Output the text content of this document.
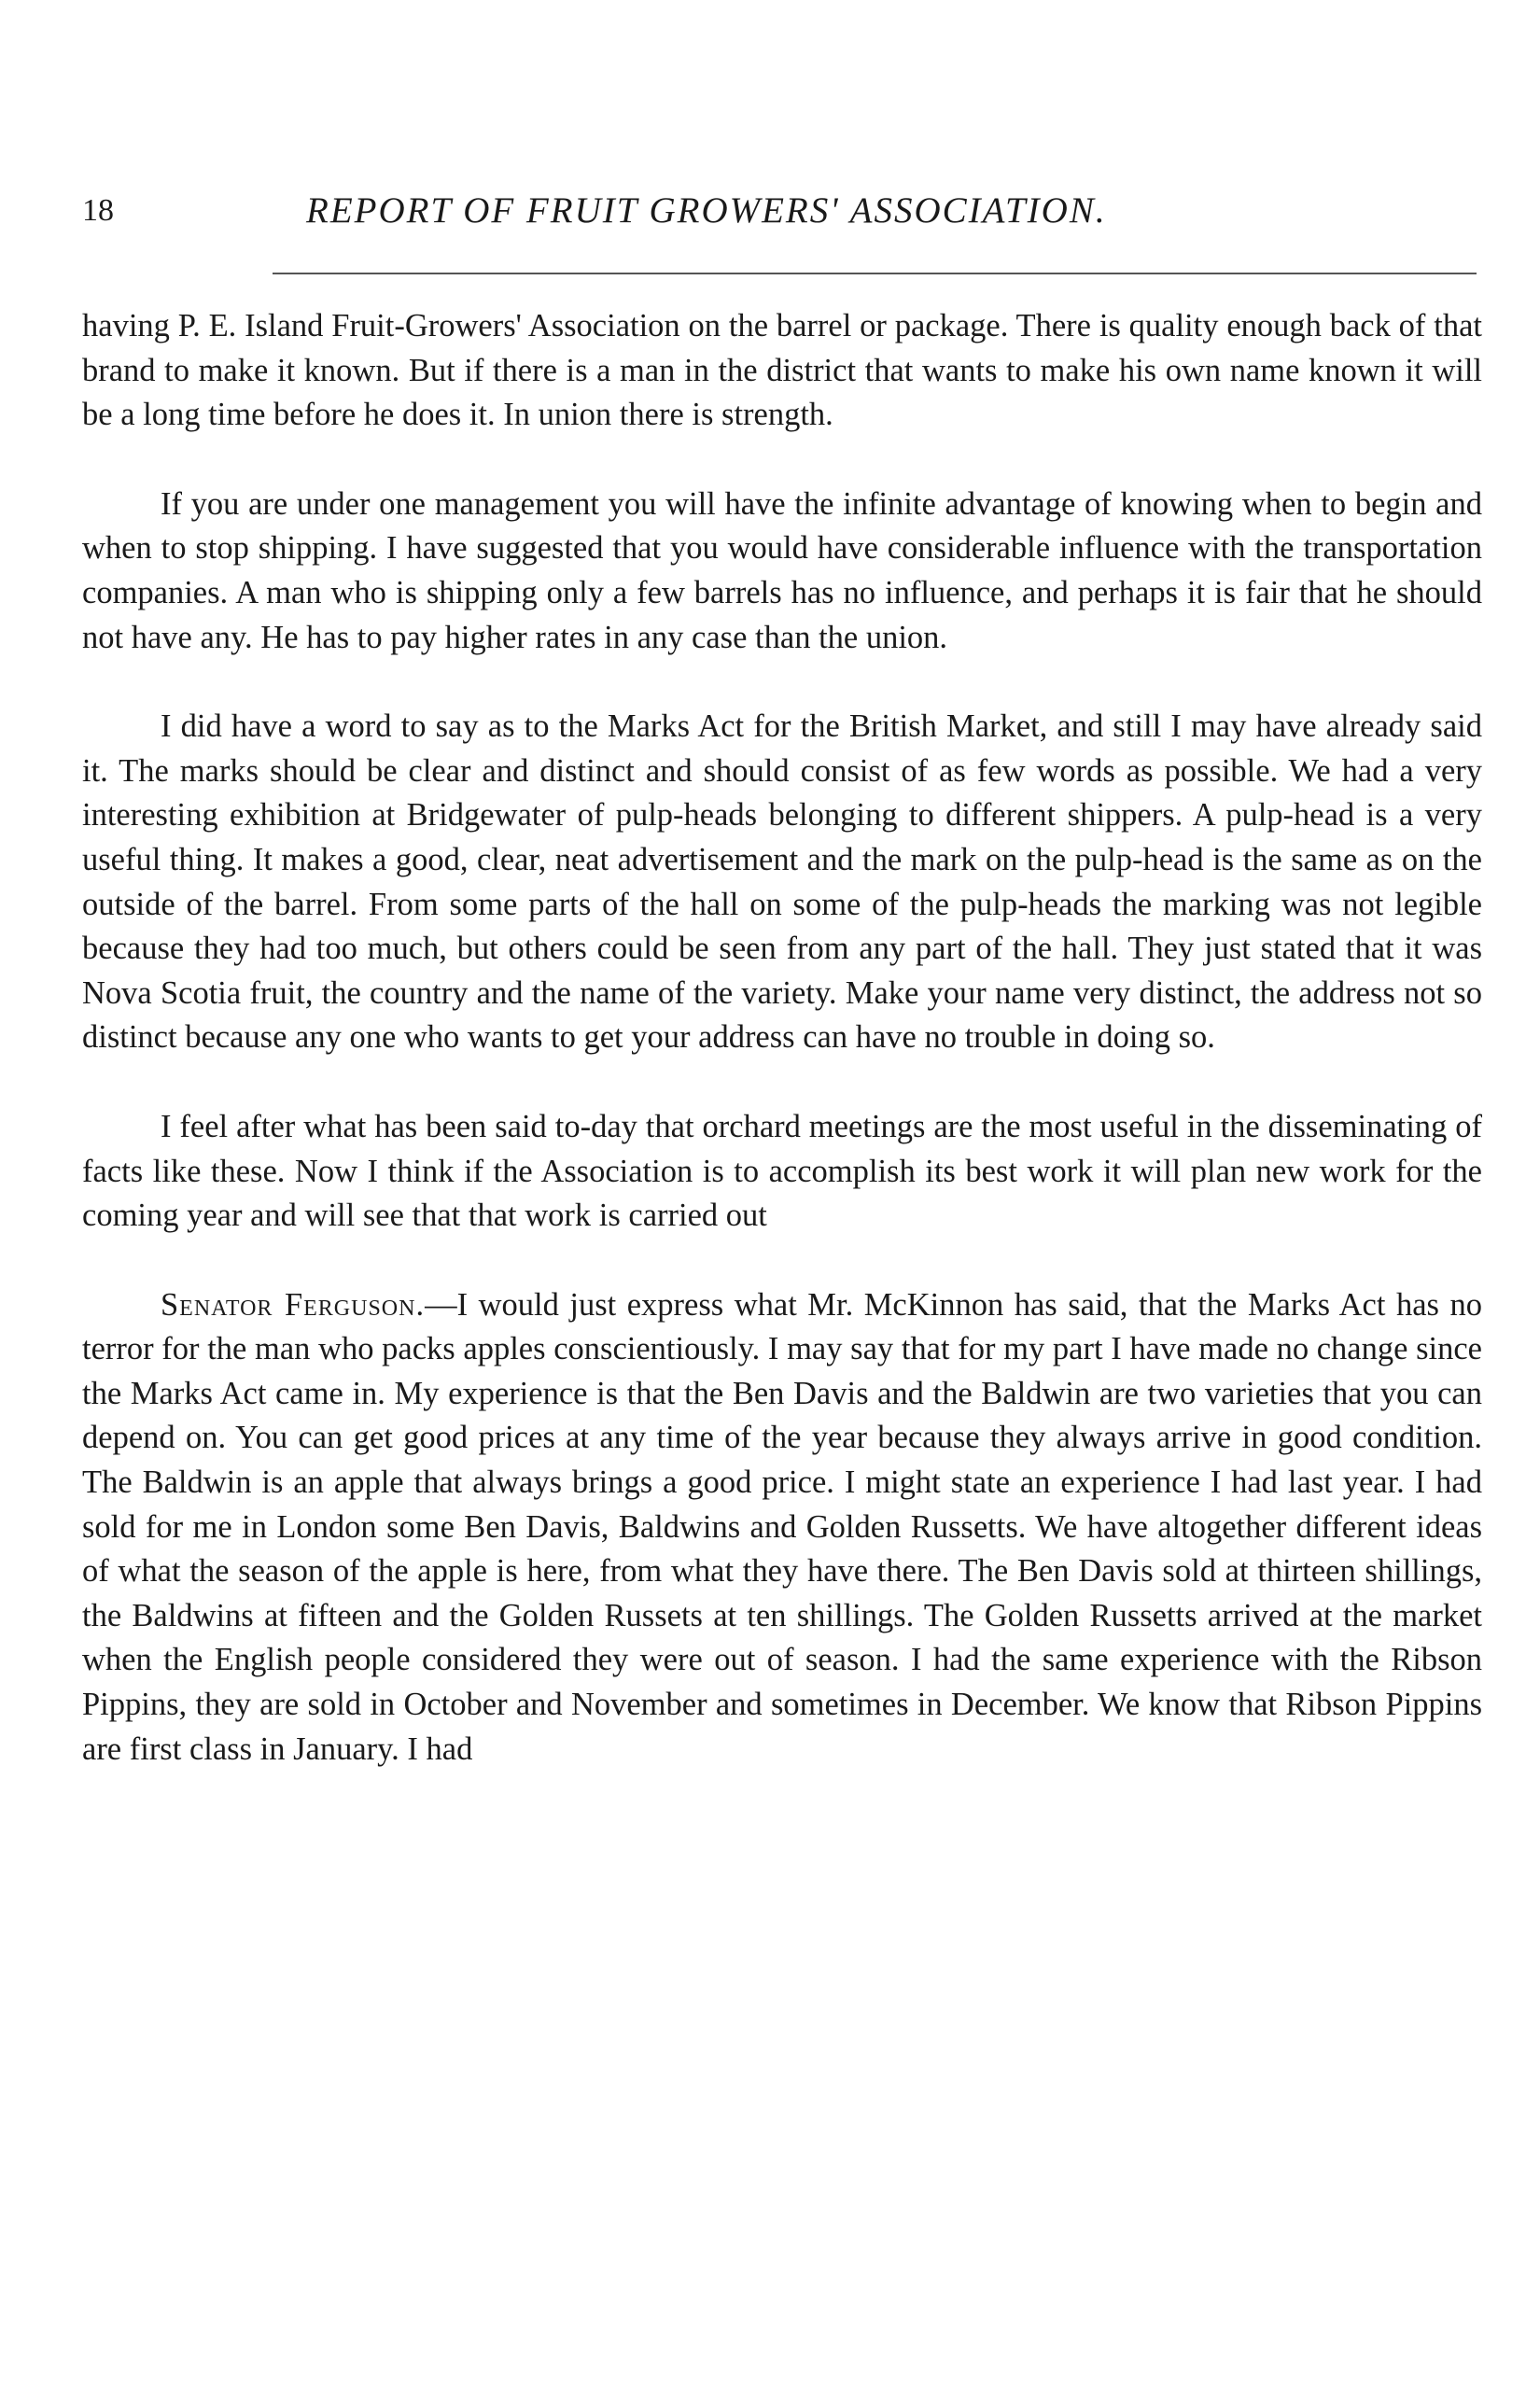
18	REPORT OF FRUIT GROWERS' ASSOCIATION.

having P. E. Island Fruit-Growers' Association on the barrel or package. There is quality enough back of that brand to make it known. But if there is a man in the district that wants to make his own name known it will be a long time before he does it. In union there is strength.

If you are under one management you will have the infinite advantage of knowing when to begin and when to stop shipping. I have suggested that you would have considerable influence with the transportation companies. A man who is shipping only a few barrels has no influence, and perhaps it is fair that he should not have any. He has to pay higher rates in any case than the union.

I did have a word to say as to the Marks Act for the British Market, and still I may have already said it. The marks should be clear and distinct and should consist of as few words as possible. We had a very interesting exhibition at Bridgewater of pulp-heads belonging to different shippers. A pulp-head is a very useful thing. It makes a good, clear, neat advertisement and the mark on the pulp-head is the same as on the outside of the barrel. From some parts of the hall on some of the pulp-heads the marking was not legible because they had too much, but others could be seen from any part of the hall. They just stated that it was Nova Scotia fruit, the country and the name of the variety. Make your name very distinct, the address not so distinct because any one who wants to get your address can have no trouble in doing so.

I feel after what has been said to-day that orchard meetings are the most useful in the disseminating of facts like these. Now I think if the Association is to accomplish its best work it will plan new work for the coming year and will see that that work is carried out

Senator Ferguson.—I would just express what Mr. McKinnon has said, that the Marks Act has no terror for the man who packs apples conscientiously. I may say that for my part I have made no change since the Marks Act came in. My experience is that the Ben Davis and the Baldwin are two varieties that you can depend on. You can get good prices at any time of the year because they always arrive in good condition. The Baldwin is an apple that always brings a good price. I might state an experience I had last year. I had sold for me in London some Ben Davis, Baldwins and Golden Russetts. We have altogether different ideas of what the season of the apple is here, from what they have there. The Ben Davis sold at thirteen shillings, the Baldwins at fifteen and the Golden Russets at ten shillings. The Golden Russetts arrived at the market when the English people considered they were out of season. I had the same experience with the Ribson Pippins, they are sold in October and November and sometimes in December. We know that Ribson Pippins are first class in January. I had
